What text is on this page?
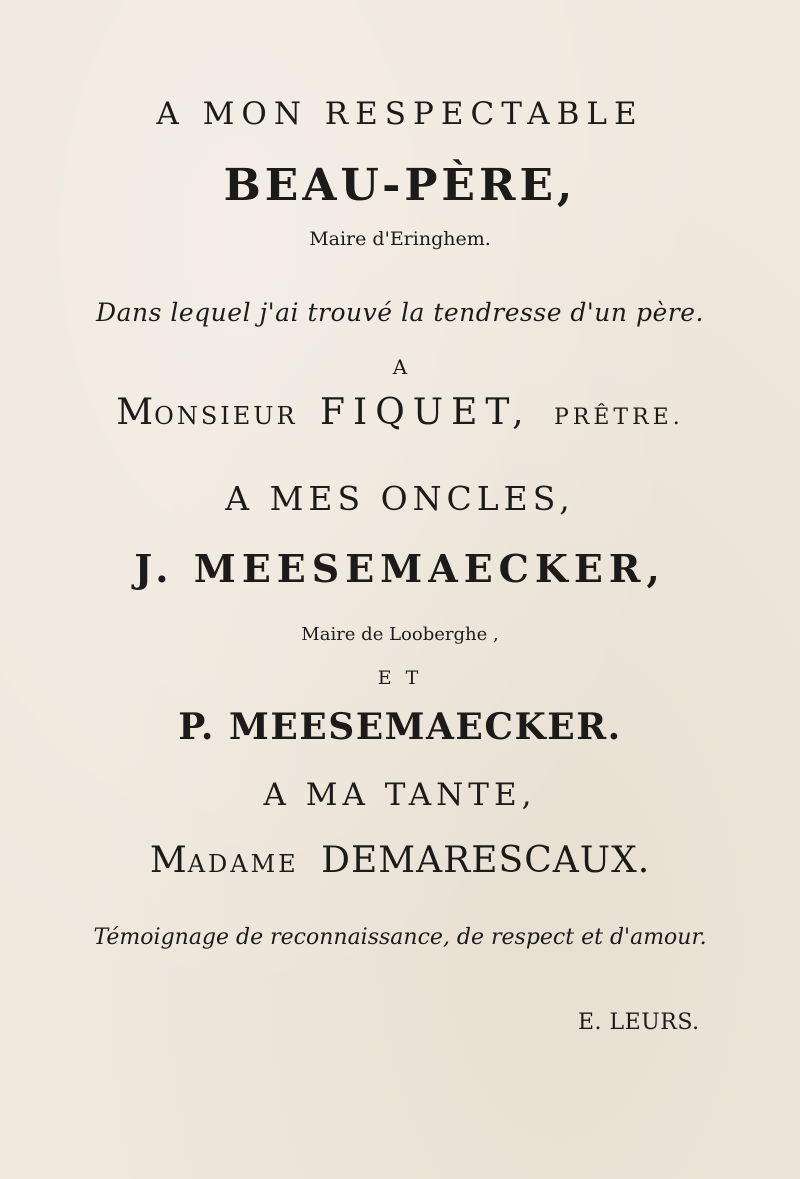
A MON RESPECTABLE
BEAU-PÈRE,
Maire d'Eringhem.
Dans lequel j'ai trouvé la tendresse d'un père.
A
MONSIEUR FIQUET, PRÊTRE.
A MES ONCLES,
J. MEESEMAECKER,
Maire de Looberghe ,
E T
P. MEESEMAECKER.
A MA TANTE,
MADAME DEMARESCAUX.
Témoignage de reconnaissance, de respect et d'amour.
E. LEURS.
